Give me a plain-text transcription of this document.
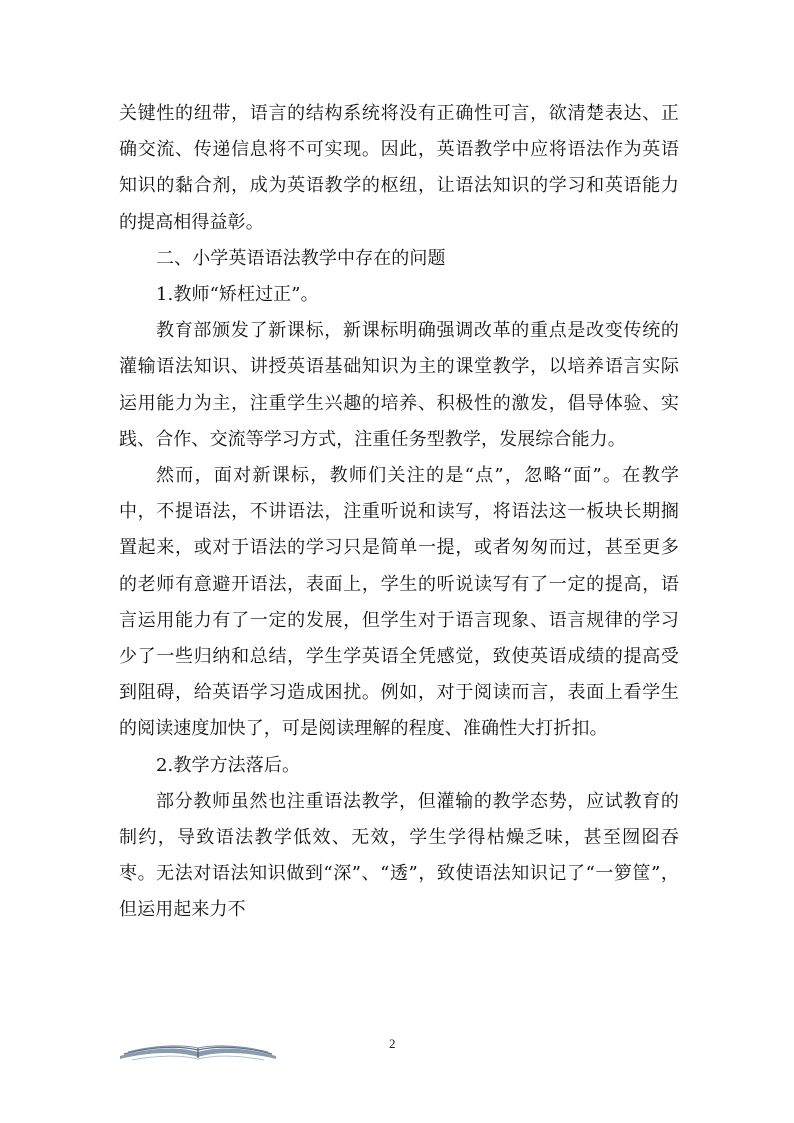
关键性的纽带，语言的结构系统将没有正确性可言，欲清楚表达、正确交流、传递信息将不可实现。因此，英语教学中应将语法作为英语知识的黏合剂，成为英语教学的枢纽，让语法知识的学习和英语能力的提高相得益彰。

二、小学英语语法教学中存在的问题

1.教师“矫枉过正”。

教育部颁发了新课标，新课标明确强调改革的重点是改变传统的灌输语法知识、讲授英语基础知识为主的课堂教学，以培养语言实际运用能力为主，注重学生兴趣的培养、积极性的激发，倡导体验、实践、合作、交流等学习方式，注重任务型教学，发展综合能力。

然而，面对新课标，教师们关注的是“点”，忽略“面”。在教学中，不提语法，不讲语法，注重听说和读写，将语法这一板块长期搁置起来，或对于语法的学习只是简单一提，或者匆匆而过，甚至更多的老师有意避开语法，表面上，学生的听说读写有了一定的提高，语言运用能力有了一定的发展，但学生对于语言现象、语言规律的学习少了一些归纳和总结，学生学英语全凭感觉，致使英语成绩的提高受到阻碍，给英语学习造成困扰。例如，对于阅读而言，表面上看学生的阅读速度加快了，可是阅读理解的程度、准确性大打折扣。

2.教学方法落后。

部分教师虽然也注重语法教学，但灌输的教学态势，应试教育的制约，导致语法教学低效、无效，学生学得枯燥乏味，甚至囫囵吞枣。无法对语法知识做到“深”、“透”，致使语法知识记了“一箩筐”，但运用起来力不

2
